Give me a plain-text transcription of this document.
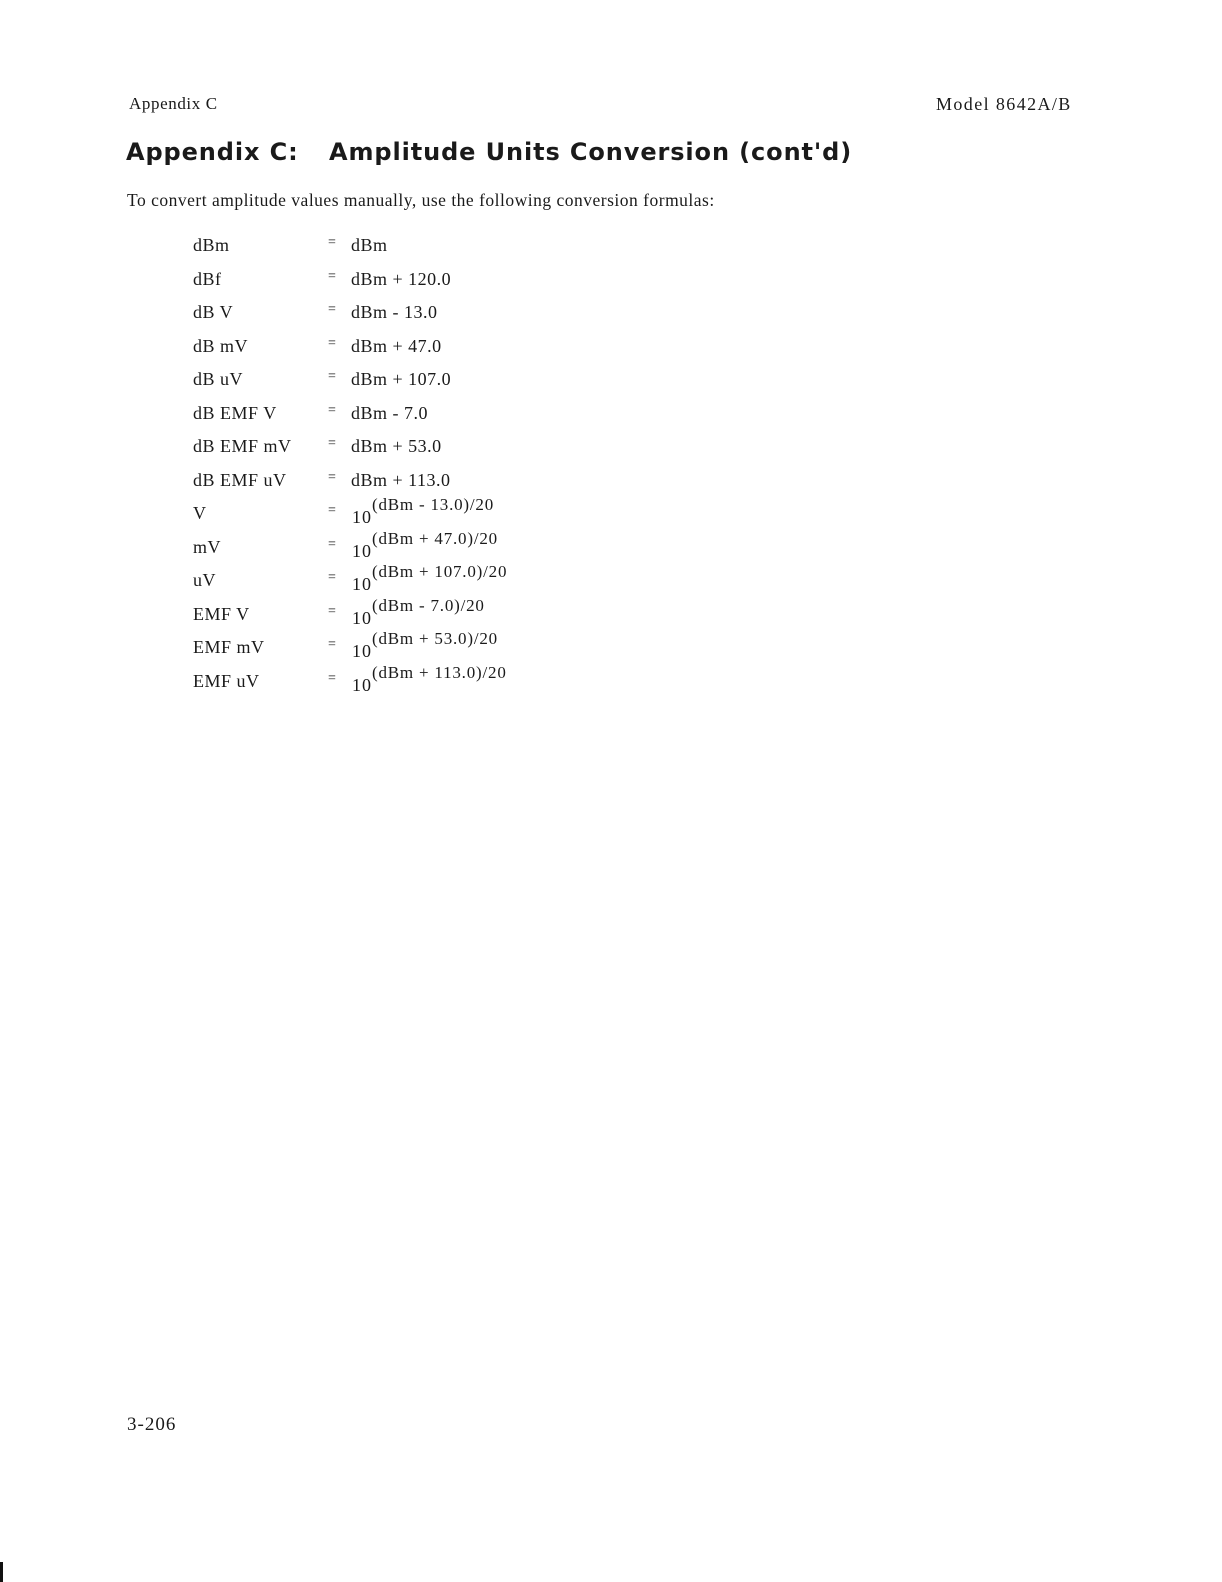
Appendix C	Model 8642A/B
Appendix C: Amplitude Units Conversion (cont'd)
To convert amplitude values manually, use the following conversion formulas:
dBm	= dBm
dBf	= dBm + 120.0
dB V	= dBm - 13.0
dB mV	= dBm + 47.0
dB uV	= dBm + 107.0
dB EMF V	= dBm - 7.0
dB EMF mV	= dBm + 53.0
dB EMF uV	= dBm + 113.0
V	= 10(dBm - 13.0)/20
mV	= 10(dBm + 47.0)/20
uV	= 10(dBm + 107.0)/20
EMF V	= 10(dBm - 7.0)/20
EMF mV	= 10(dBm + 53.0)/20
EMF uV	= 10(dBm + 113.0)/20
3-206
